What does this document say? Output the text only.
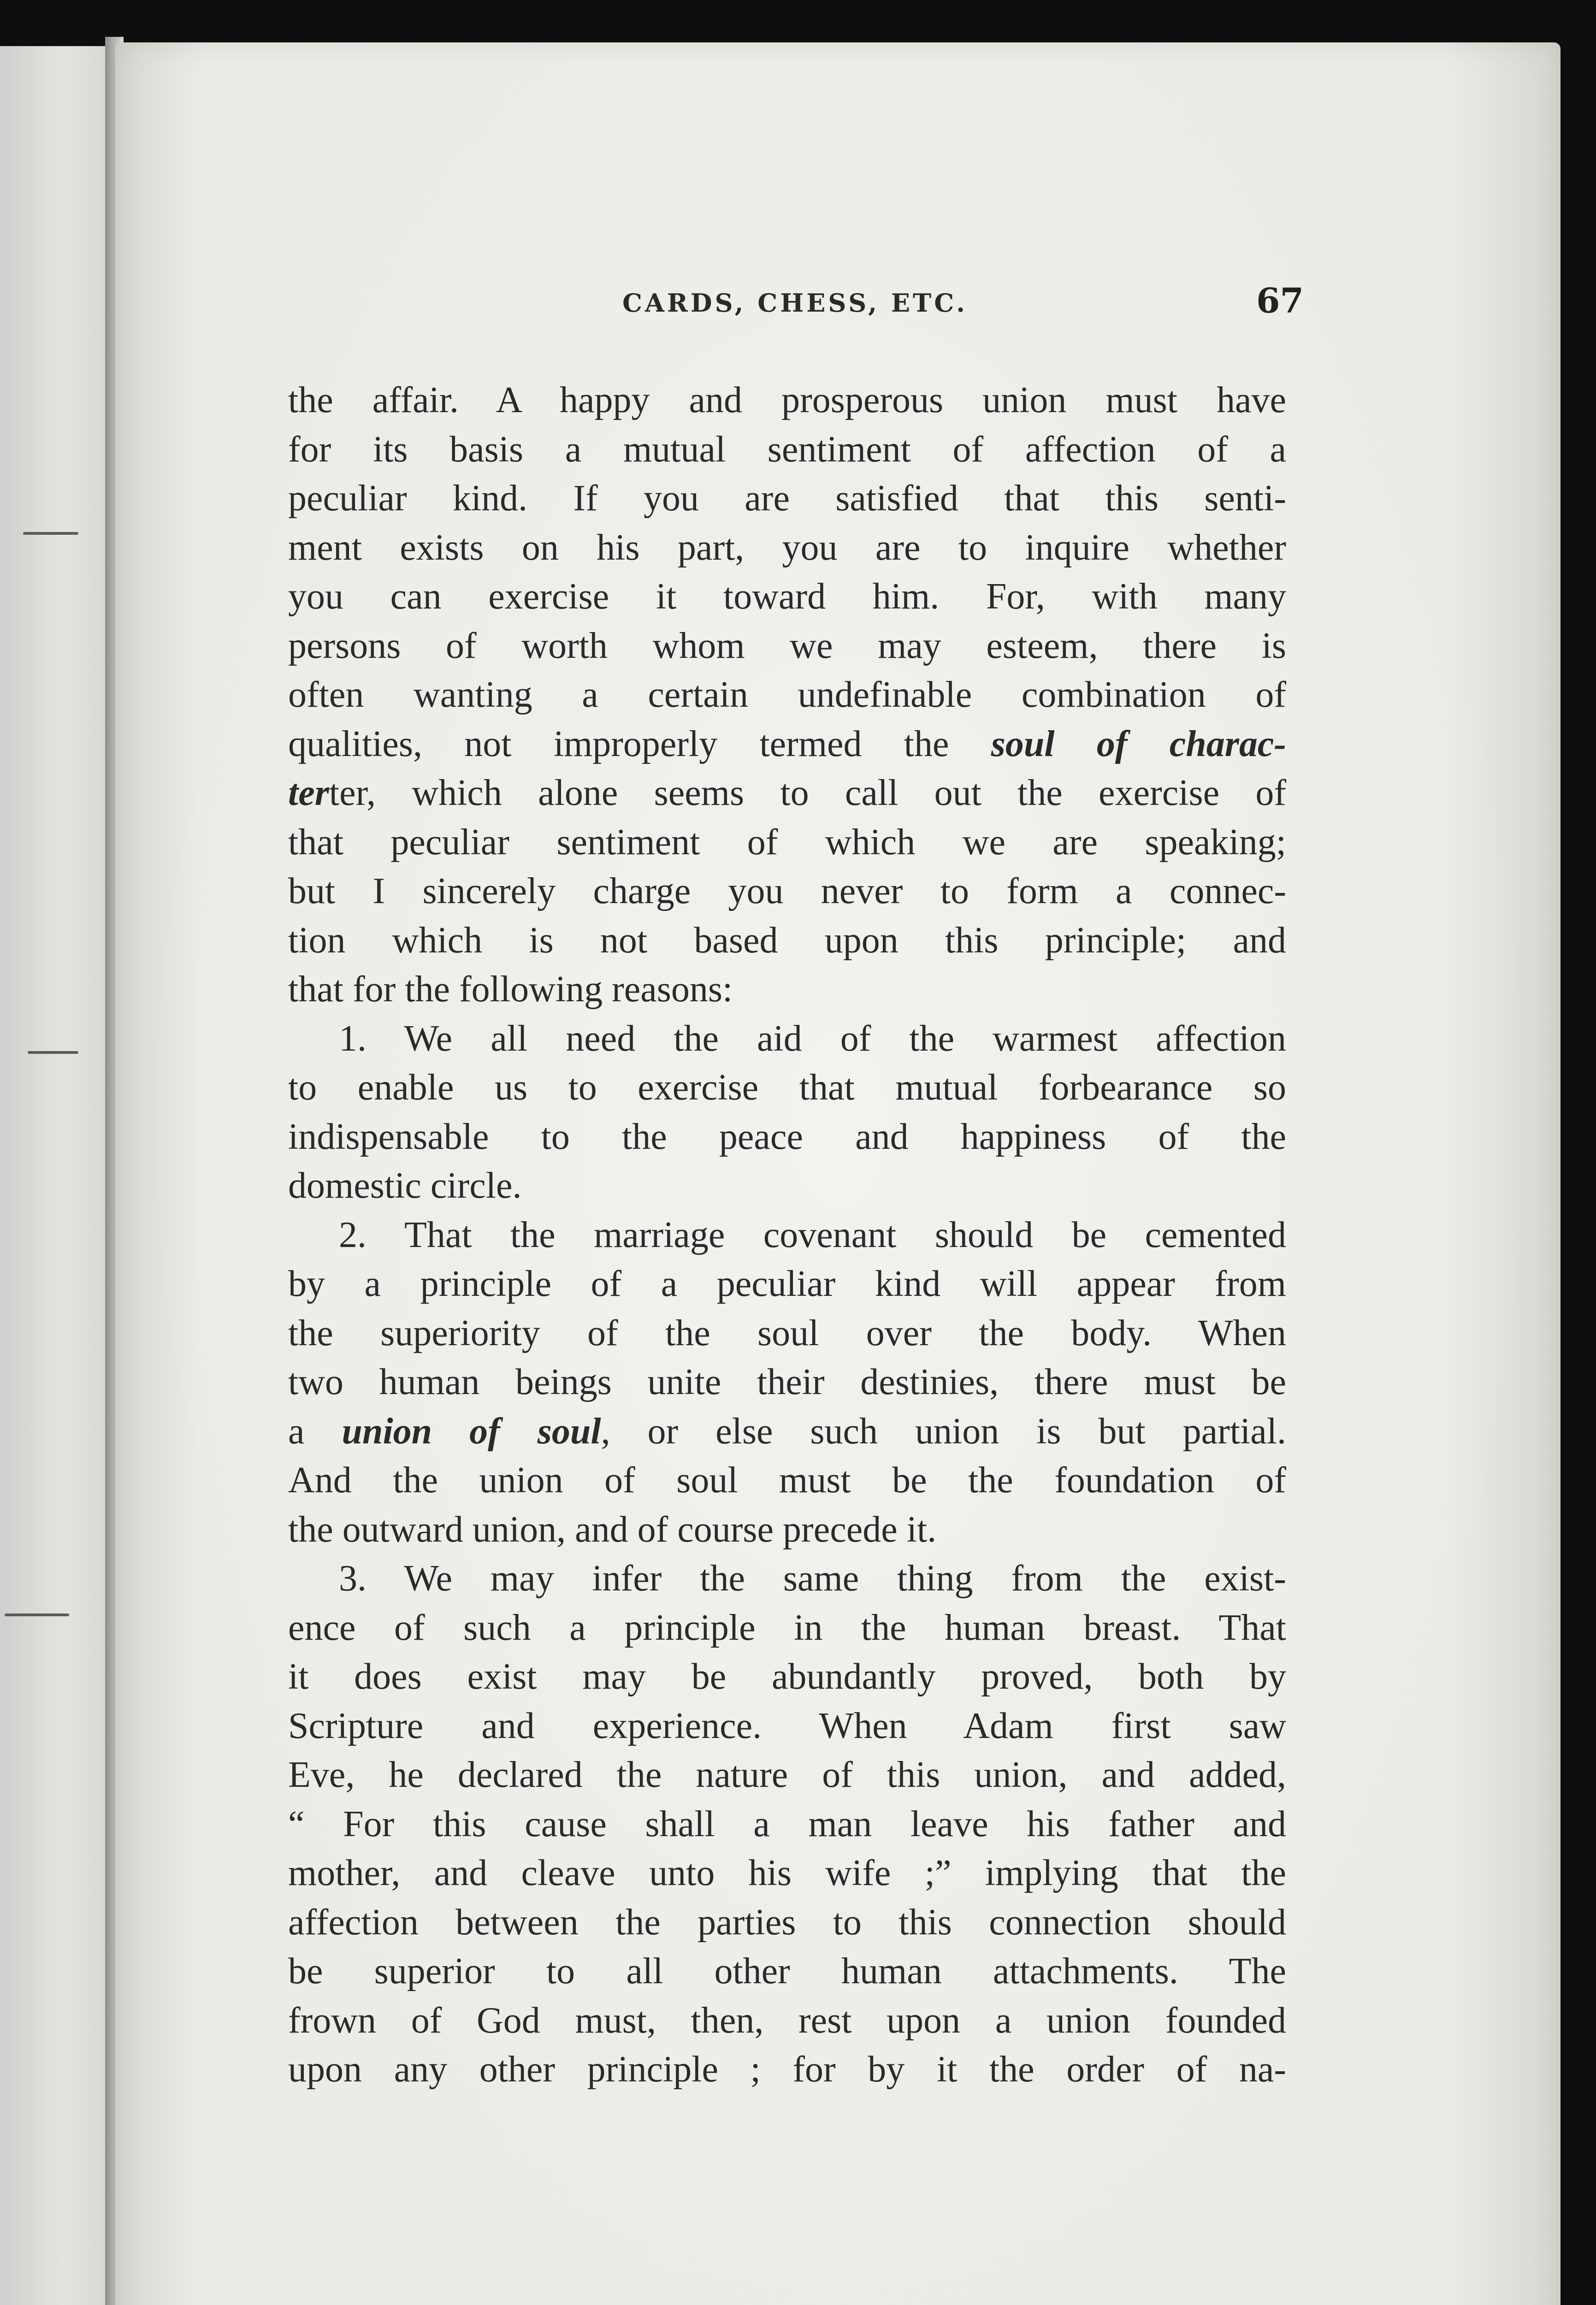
CARDS, CHESS, ETC.	67
the affair. A happy and prosperous union must have
for its basis a mutual sentiment of affection of a
peculiar kind. If you are satisfied that this senti-
ment exists on his part, you are to inquire whether
you can exercise it toward him. For, with many
persons of worth whom we may esteem, there is
often wanting a certain undefinable combination of
qualities, not improperly termed the soul of charac-
terter, which alone seems to call out the exercise of
that peculiar sentiment of which we are speaking;
but I sincerely charge you never to form a connec-
tion which is not based upon this principle; and
that for the following reasons:
1. We all need the aid of the warmest affection
to enable us to exercise that mutual forbearance so
indispensable to the peace and happiness of the
domestic circle.
2. That the marriage covenant should be cemented
by a principle of a peculiar kind will appear from
the superiority of the soul over the body. When
two human beings unite their destinies, there must be
a union of soul, or else such union is but partial.
And the union of soul must be the foundation of
the outward union, and of course precede it.
3. We may infer the same thing from the exist-
ence of such a principle in the human breast. That
it does exist may be abundantly proved, both by
Scripture and experience. When Adam first saw
Eve, he declared the nature of this union, and added,
“ For this cause shall a man leave his father and
mother, and cleave unto his wife ;” implying that the
affection between the parties to this connection should
be superior to all other human attachments. The
frown of God must, then, rest upon a union founded
upon any other principle ; for by it the order of na-
